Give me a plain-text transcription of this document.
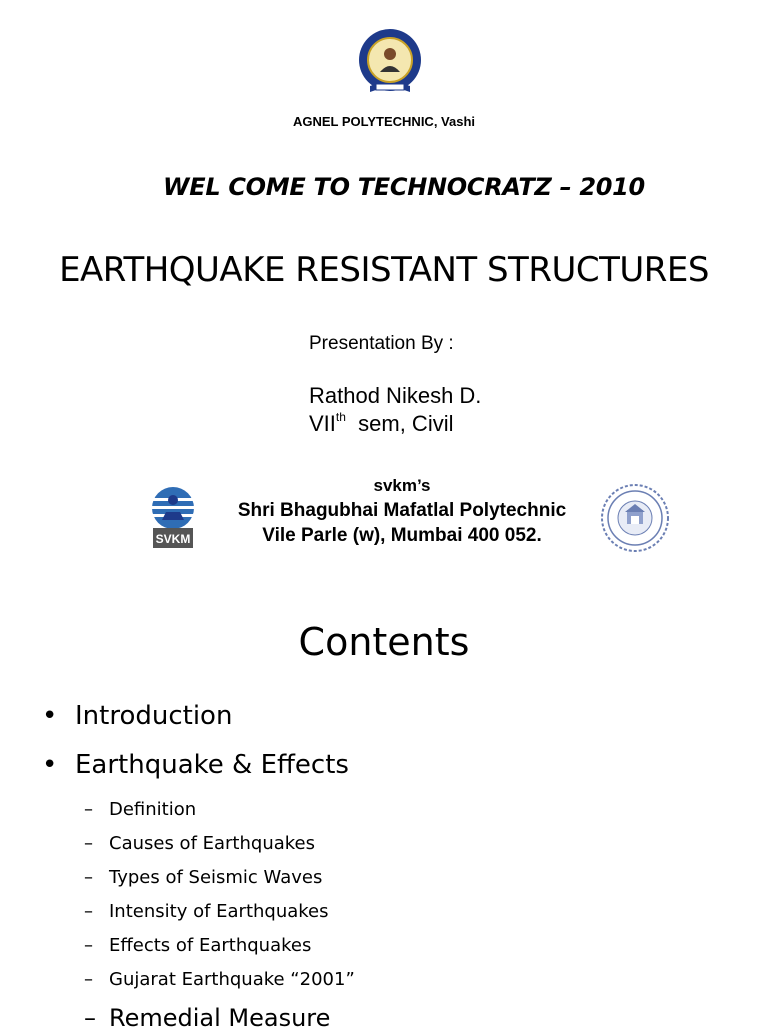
AGNEL POLYTECHNIC, Vashi
WEL COME TO TECHNOCRATZ – 2010
EARTHQUAKE RESISTANT STRUCTURES
Presentation By :
Rathod Nikesh D.
VIIth  sem, Civil
SVKM
svkm’s
Shri Bhagubhai Mafatlal Polytechnic
Vile Parle (w), Mumbai 400 052.
Contents
• Introduction
• Earthquake & Effects
– Definition
– Causes of Earthquakes
– Types of Seismic Waves
– Intensity of Earthquakes
– Effects of Earthquakes
– Gujarat Earthquake “2001”
– Remedial Measure
